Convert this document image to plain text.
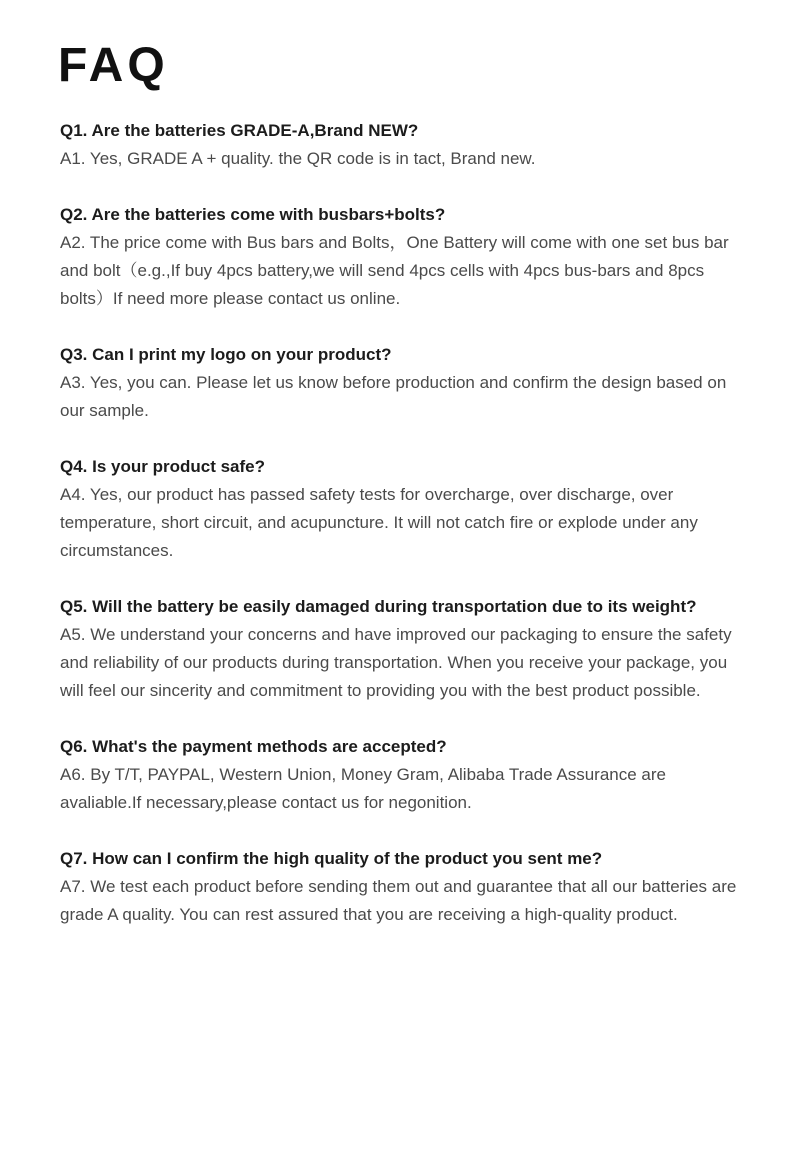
FAQ

Q1. Are the batteries GRADE-A,Brand NEW?

A1. Yes, GRADE A + quality. the QR code is in tact, Brand new.

Q2. Are the batteries come with busbars+bolts?

A2. The price come with Bus bars and Bolts，One Battery will come with one set bus bar and bolt（e.g.,If buy 4pcs battery,we will send 4pcs cells with 4pcs bus-bars and 8pcs bolts）If need more please contact us online.

Q3. Can I print my logo on your product?

A3. Yes, you can. Please let us know before production and confirm the design based on our sample.

Q4. Is your product safe?

A4. Yes, our product has passed safety tests for overcharge, over discharge, over temperature, short circuit, and acupuncture. It will not catch fire or explode under any circumstances.

Q5. Will the battery be easily damaged during transportation due to its weight?

A5. We understand your concerns and have improved our packaging to ensure the safety and reliability of our products during transportation. When you receive your package, you will feel our sincerity and commitment to providing you with the best product possible.

Q6. What's the payment methods are accepted?

A6. By T/T, PAYPAL, Western Union, Money Gram, Alibaba Trade Assurance are avaliable.If necessary,please contact us for negonition.

Q7. How can I confirm the high quality of the product you sent me?

A7. We test each product before sending them out and guarantee that all our batteries are grade A quality. You can rest assured that you are receiving a high-quality product.
